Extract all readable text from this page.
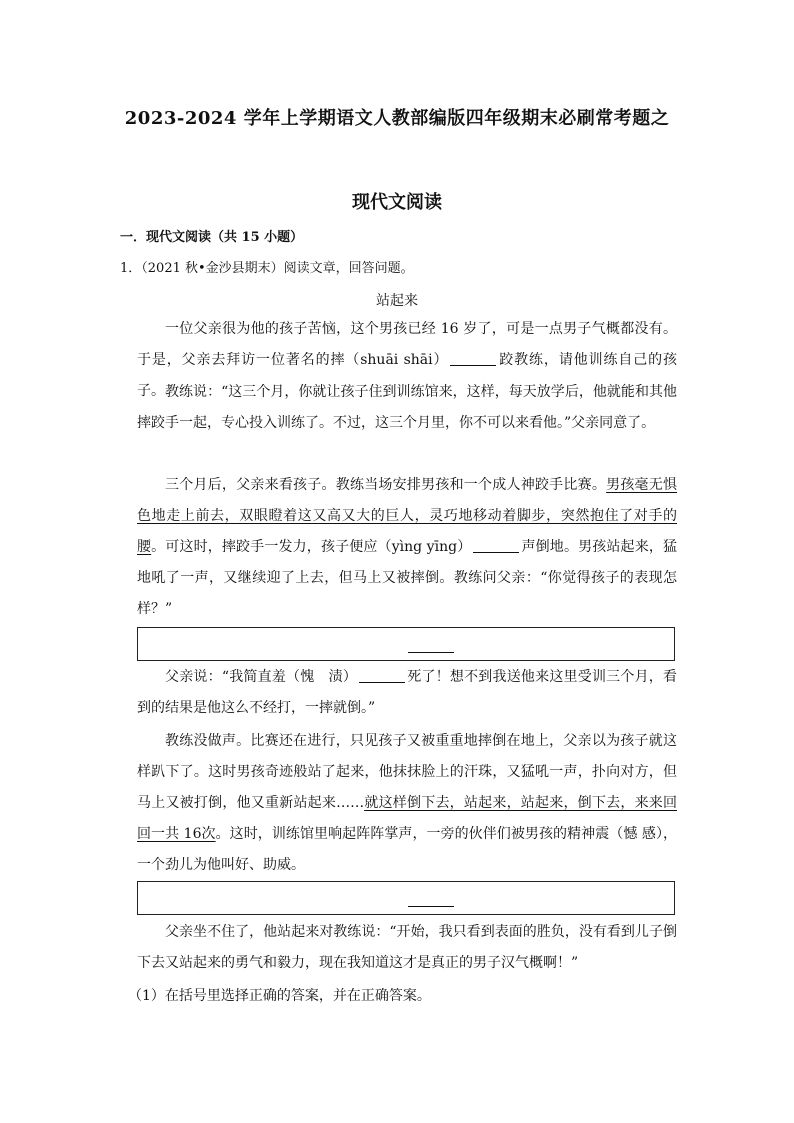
2023-2024 学年上学期语文人教部编版四年级期末必刷常考题之
现代文阅读
一．现代文阅读（共 15 小题）
1．（2021 秋•金沙县期末）阅读文章，回答问题。
站起来
一位父亲很为他的孩子苦恼，这个男孩已经 16 岁了，可是一点男子气概都没有。于是，父亲去拜访一位著名的摔（shuāi shāi）	跤教练，请他训练自己的孩子。 教练说：“这三个月，你就让孩子住到训练馆来，这样，每天放学后，他就能和其他摔跤手一起，专心投入训练了。不过，这三个月里，你不可以来看他。”父亲同意了。
三个月后，父亲来看孩子。教练当场安排男孩和一个成人神跤手比赛。男孩毫无惧色地走上前去，双眼瞪着这又高又大的巨人，灵巧地移动着脚步，突然抱住了对手的腰。可这时，摔跤手一发力，孩子便应（yìng yīng）	声倒地。男孩站起来，猛地吼了一声，又继续迎了上去，但马上又被摔倒。教练问父亲：“你觉得孩子的表现怎样？”
父亲说：“我简直羞（愧　渍）	死了！想不到我送他来这里受训三个月，看到的结果是他这么不经打，一摔就倒。”
教练没做声。比赛还在进行，只见孩子又被重重地摔倒在地上，父亲以为孩子就这样趴下了。这时男孩奇迹般站了起来，他抹抹脸上的汗珠，又猛吼一声，扑向对方，但马上又被打倒，他又重新站起来……就这样倒下去，站起来，站起来，倒下去，来来回回一共 16次。这时，训练馆里响起阵阵掌声，一旁的伙伴们被男孩的精神震（憾 感），一个劲儿为他叫好、助威。
父亲坐不住了，他站起来对教练说：“开始，我只看到表面的胜负，没有看到儿子倒下去又站起来的勇气和毅力，现在我知道这才是真正的男子汉气概啊！”
（1）在括号里选择正确的答案，并在正确答案。
